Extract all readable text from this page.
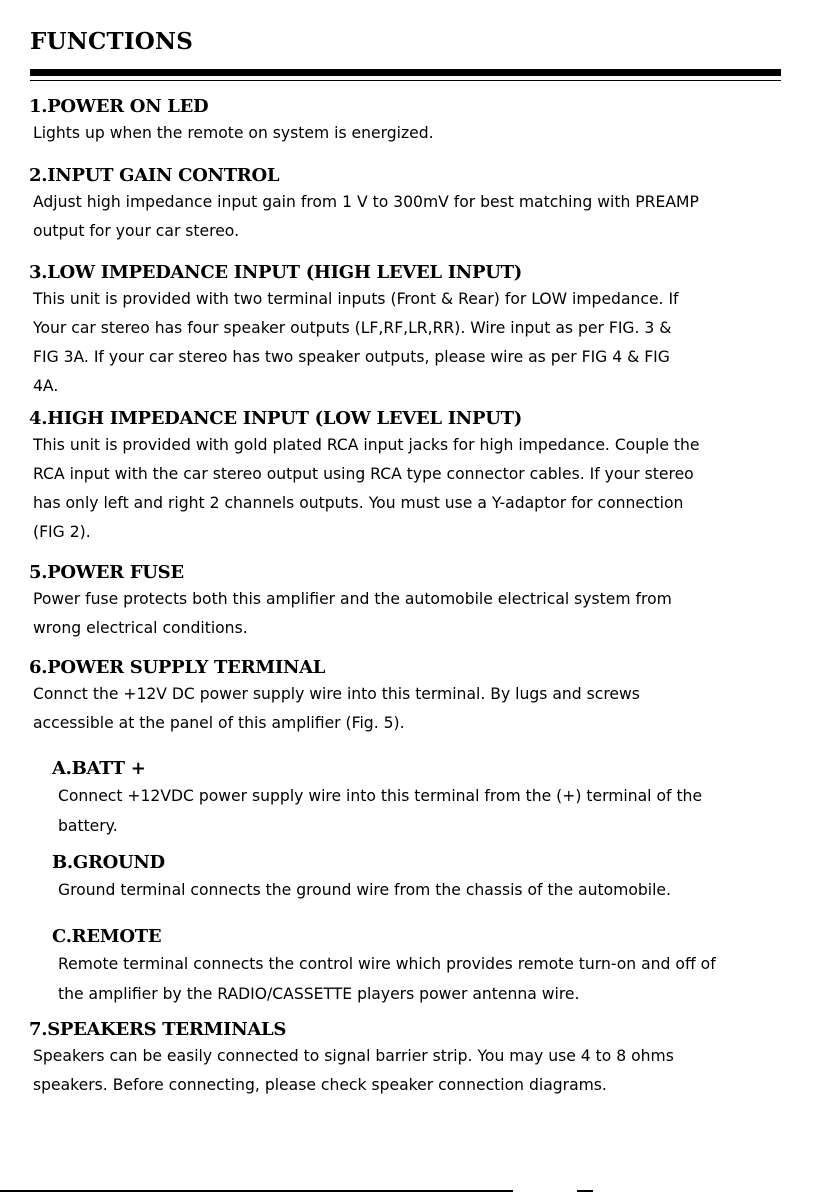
FUNCTIONS
1.POWER ON LED
Lights up when the remote on system is energized.
2.INPUT GAIN CONTROL
Adjust high impedance input gain from 1 V to 300mV for best matching with PREAMP
output for your car stereo.
3.LOW IMPEDANCE INPUT (HIGH LEVEL INPUT)
This unit is provided with two terminal inputs (Front & Rear) for LOW impedance. If
Your car stereo has four speaker outputs (LF,RF,LR,RR). Wire input as per FIG. 3 &
FIG 3A. If your car stereo has two speaker outputs, please wire as per FIG 4 & FIG
4A.
4.HIGH IMPEDANCE INPUT (LOW LEVEL INPUT)
This unit is provided with gold plated RCA input jacks for high impedance. Couple the
RCA input with the car stereo output using RCA type connector cables. If your stereo
has only left and right 2 channels outputs. You must use a Y-adaptor for connection
(FIG 2).
5.POWER FUSE
Power fuse protects both this amplifier and the automobile electrical system from
wrong electrical conditions.
6.POWER SUPPLY TERMINAL
Connct the +12V DC power supply wire into this terminal. By lugs and screws
accessible at the panel of this amplifier (Fig. 5).
A.BATT +
Connect +12VDC power supply wire into this terminal from the (+) terminal of the
battery.
B.GROUND
Ground terminal connects the ground wire from the chassis of the automobile.
C.REMOTE
Remote terminal connects the control wire which provides remote turn-on and off of
the amplifier by the RADIO/CASSETTE players power antenna wire.
7.SPEAKERS TERMINALS
Speakers can be easily connected to signal barrier strip. You may use 4 to 8 ohms
speakers. Before connecting, please check speaker connection diagrams.
